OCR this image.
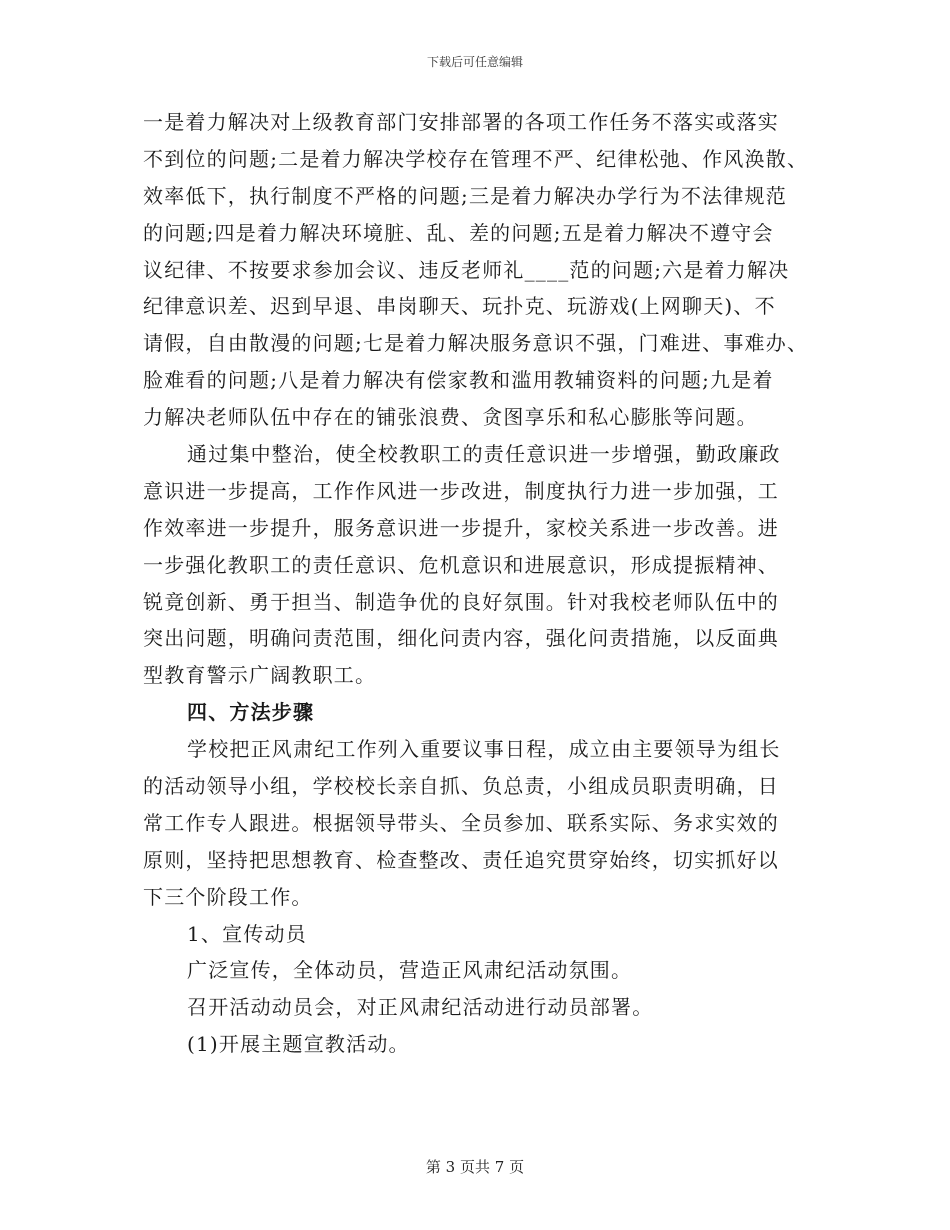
下载后可任意编辑
一是着力解决对上级教育部门安排部署的各项工作任务不落实或落实
不到位的问题;二是着力解决学校存在管理不严、纪律松弛、作风涣散、
效率低下，执行制度不严格的问题;三是着力解决办学行为不法律规范
的问题;四是着力解决环境脏、乱、差的问题;五是着力解决不遵守会
议纪律、不按要求参加会议、违反老师礼____范的问题;六是着力解决
纪律意识差、迟到早退、串岗聊天、玩扑克、玩游戏(上网聊天)、不
请假，自由散漫的问题;七是着力解决服务意识不强，门难进、事难办、
脸难看的问题;八是着力解决有偿家教和滥用教辅资料的问题;九是着
力解决老师队伍中存在的铺张浪费、贪图享乐和私心膨胀等问题。
通过集中整治，使全校教职工的责任意识进一步增强，勤政廉政
意识进一步提高，工作作风进一步改进，制度执行力进一步加强，工
作效率进一步提升，服务意识进一步提升，家校关系进一步改善。进
一步强化教职工的责任意识、危机意识和进展意识，形成提振精神、
锐竟创新、勇于担当、制造争优的良好氛围。针对我校老师队伍中的
突出问题，明确问责范围，细化问责内容，强化问责措施，以反面典
型教育警示广阔教职工。
四、方法步骤
学校把正风肃纪工作列入重要议事日程，成立由主要领导为组长
的活动领导小组，学校校长亲自抓、负总责，小组成员职责明确，日
常工作专人跟进。根据领导带头、全员参加、联系实际、务求实效的
原则，坚持把思想教育、检查整改、责任追究贯穿始终，切实抓好以
下三个阶段工作。
1、宣传动员
广泛宣传，全体动员，营造正风肃纪活动氛围。
召开活动动员会，对正风肃纪活动进行动员部署。
(1)开展主题宣教活动。
第 3 页共 7 页
